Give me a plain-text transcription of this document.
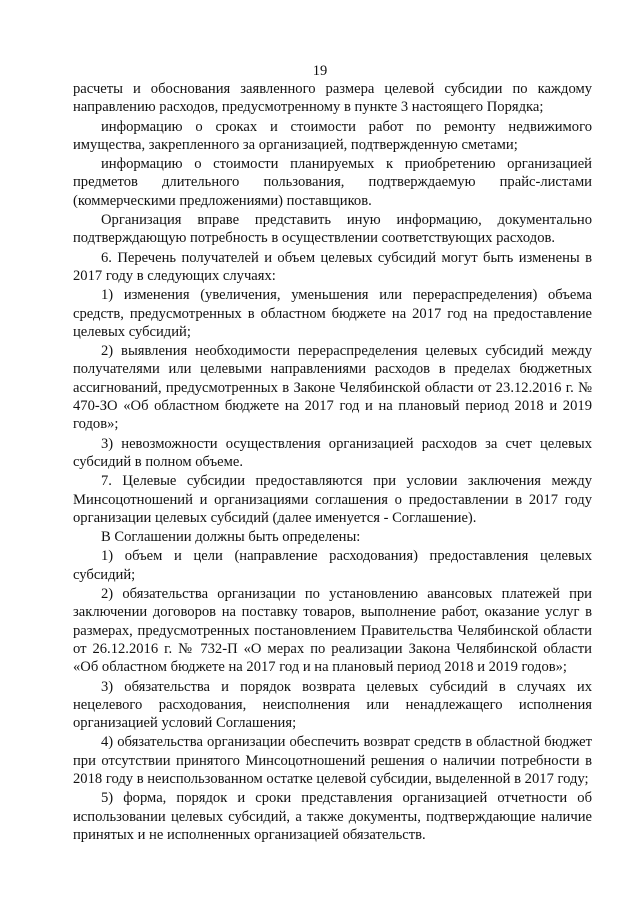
19

расчеты и обоснования заявленного размера целевой субсидии по каждому направлению расходов, предусмотренному в пункте 3 настоящего Порядка;

информацию о сроках и стоимости работ по ремонту недвижимого имущества, закрепленного за организацией, подтвержденную сметами;

информацию о стоимости планируемых к приобретению организацией предметов длительного пользования, подтверждаемую прайс-листами (коммерческими предложениями) поставщиков.

Организация вправе представить иную информацию, документально подтверждающую потребность в осуществлении соответствующих расходов.

6. Перечень получателей и объем целевых субсидий могут быть изменены в 2017 году в следующих случаях:

1) изменения (увеличения, уменьшения или перераспределения) объема средств, предусмотренных в областном бюджете на 2017 год на предоставление целевых субсидий;

2) выявления необходимости перераспределения целевых субсидий между получателями или целевыми направлениями расходов в пределах бюджетных ассигнований, предусмотренных в Законе Челябинской области от 23.12.2016 г. № 470-ЗО «Об областном бюджете на 2017 год и на плановый период 2018 и 2019 годов»;

3) невозможности осуществления организацией расходов за счет целевых субсидий в полном объеме.

7. Целевые субсидии предоставляются при условии заключения между Минсоцотношений и организациями соглашения о предоставлении в 2017 году организации целевых субсидий (далее именуется - Соглашение).

В Соглашении должны быть определены:

1) объем и цели (направление расходования) предоставления целевых субсидий;

2) обязательства организации по установлению авансовых платежей при заключении договоров на поставку товаров, выполнение работ, оказание услуг в размерах, предусмотренных постановлением Правительства Челябинской области от 26.12.2016 г. № 732-П «О мерах по реализации Закона Челябинской области «Об областном бюджете на 2017 год и на плановый период 2018 и 2019 годов»;

3) обязательства и порядок возврата целевых субсидий в случаях их нецелевого расходования, неисполнения или ненадлежащего исполнения организацией условий Соглашения;

4) обязательства организации обеспечить возврат средств в областной бюджет при отсутствии принятого Минсоцотношений решения о наличии потребности в 2018 году в неиспользованном остатке целевой субсидии, выделенной в 2017 году;

5) форма, порядок и сроки представления организацией отчетности об использовании целевых субсидий, а также документы, подтверждающие наличие принятых и не исполненных организацией обязательств.
